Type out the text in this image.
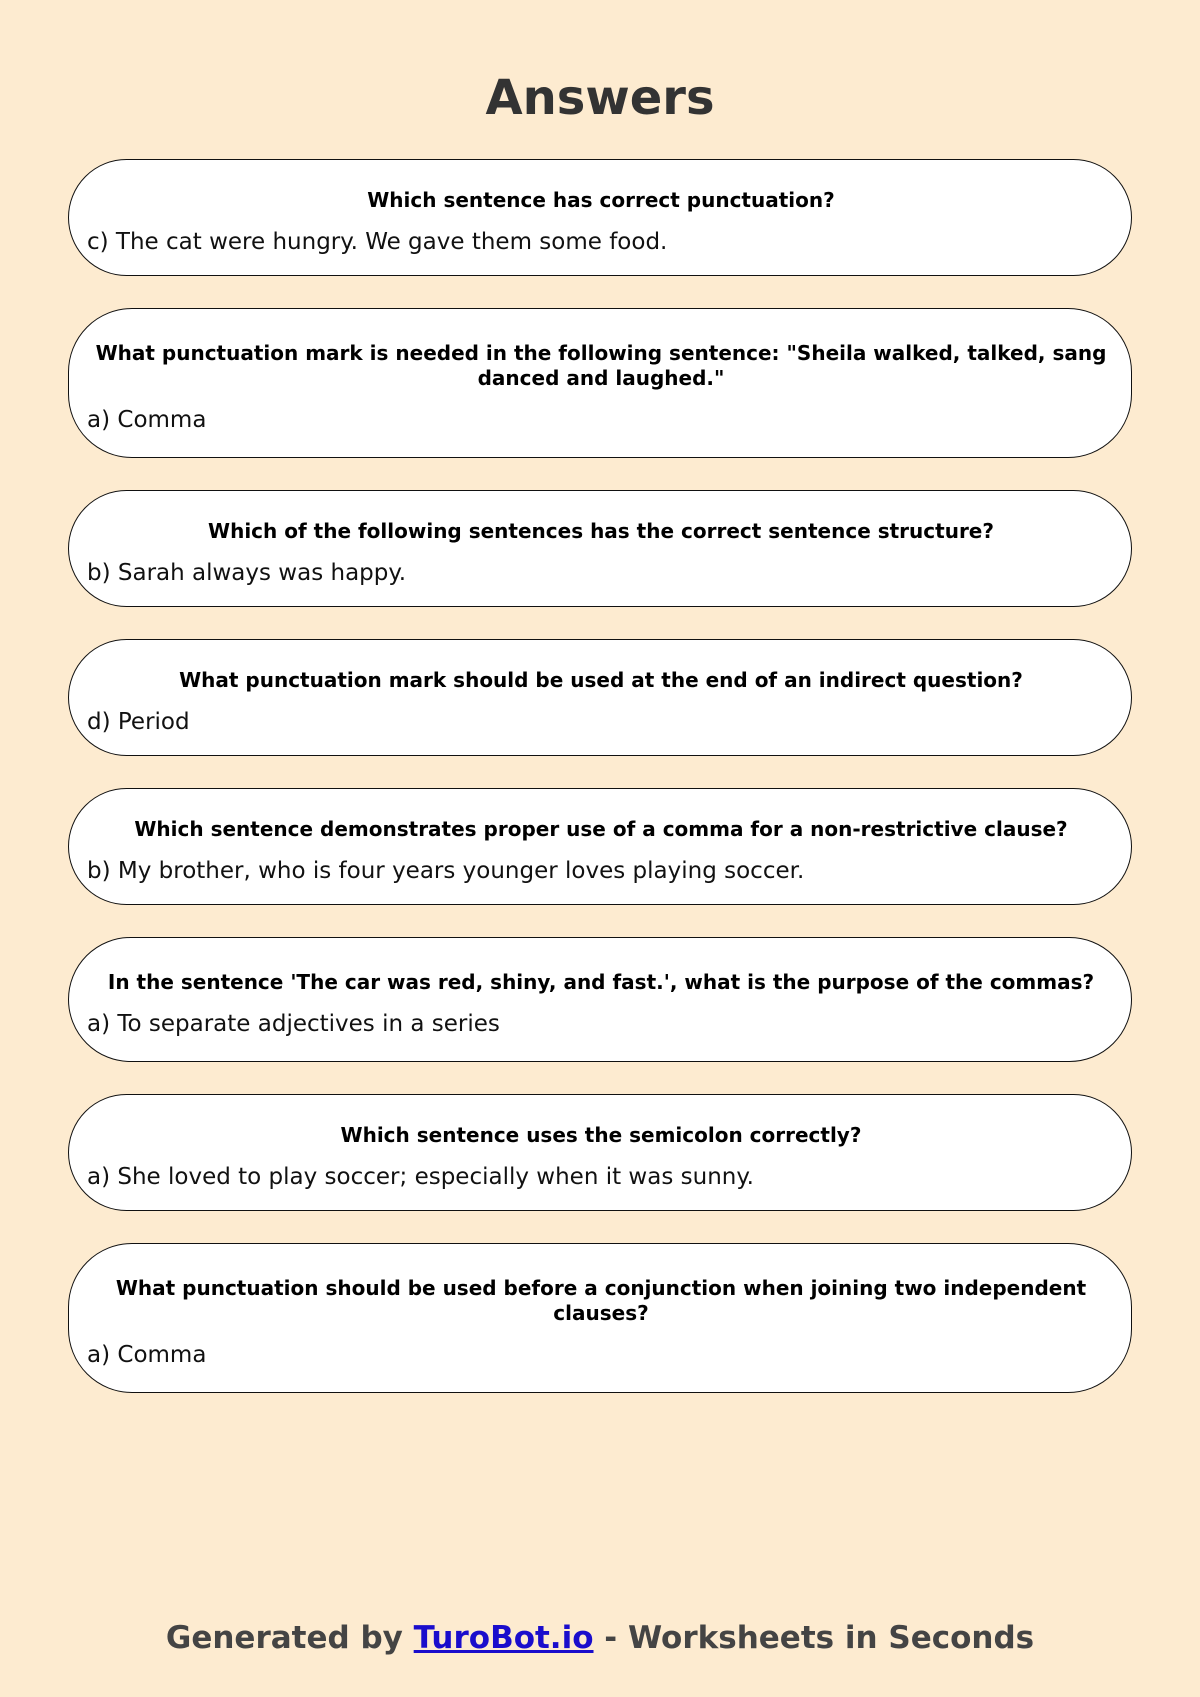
Answers

Which sentence has correct punctuation?

c) The cat were hungry. We gave them some food.

What punctuation mark is needed in the following sentence: "Sheila walked, talked, sang danced and laughed."

a) Comma

Which of the following sentences has the correct sentence structure?

b) Sarah always was happy.

What punctuation mark should be used at the end of an indirect question?

d) Period

Which sentence demonstrates proper use of a comma for a non-restrictive clause?

b) My brother, who is four years younger loves playing soccer.

In the sentence 'The car was red, shiny, and fast.', what is the purpose of the commas?

a) To separate adjectives in a series

Which sentence uses the semicolon correctly?

a) She loved to play soccer; especially when it was sunny.

What punctuation should be used before a conjunction when joining two independent clauses?

a) Comma

Generated by TuroBot.io - Worksheets in Seconds
